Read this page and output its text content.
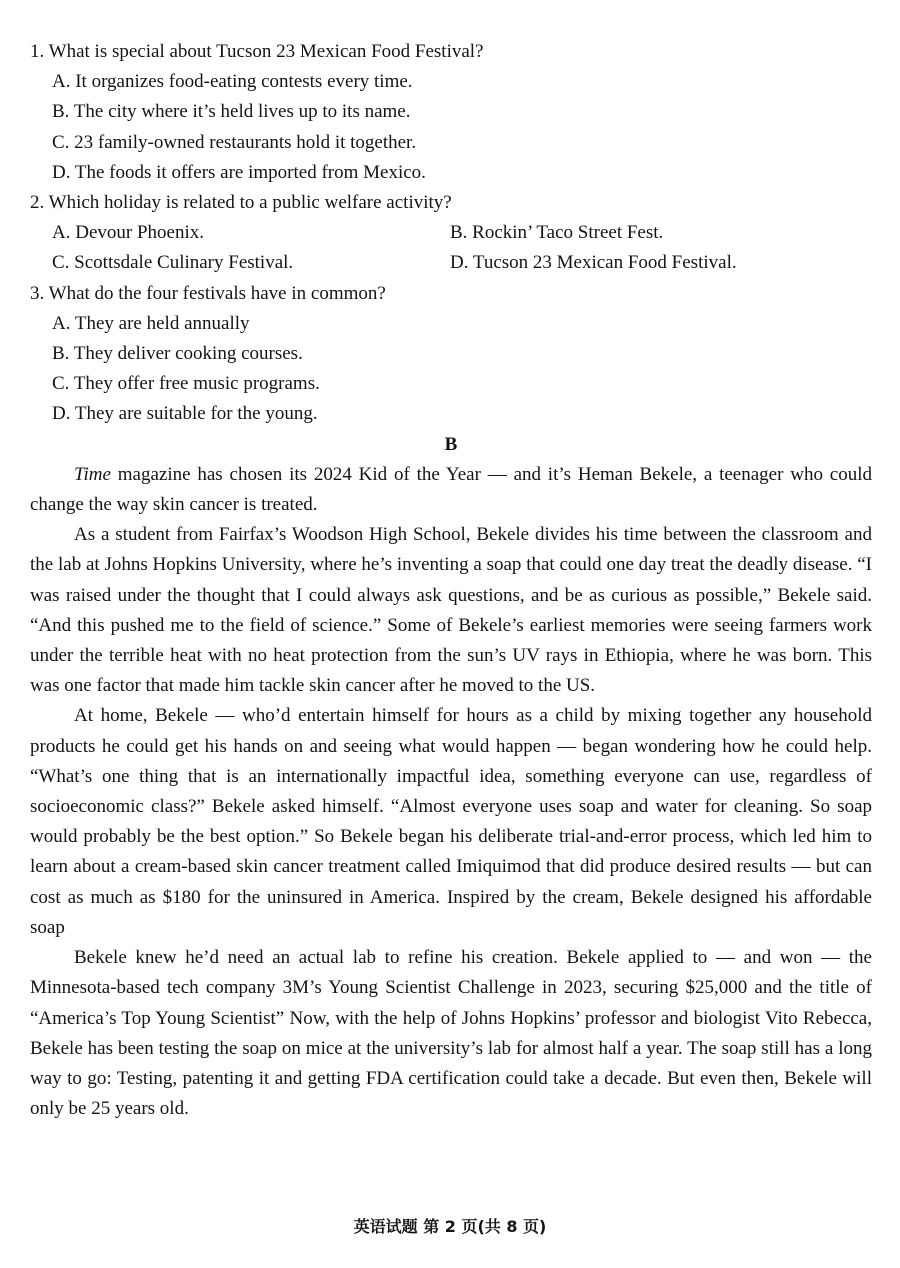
1. What is special about Tucson 23 Mexican Food Festival?
A. It organizes food-eating contests every time.
B. The city where it’s held lives up to its name.
C. 23 family-owned restaurants hold it together.
D. The foods it offers are imported from Mexico.
2. Which holiday is related to a public welfare activity?
A. Devour Phoenix.	B. Rockin’ Taco Street Fest.
C. Scottsdale Culinary Festival.	D. Tucson 23 Mexican Food Festival.
3. What do the four festivals have in common?
A. They are held annually
B. They deliver cooking courses.
C. They offer free music programs.
D. They are suitable for the young.
B

Time magazine has chosen its 2024 Kid of the Year — and it’s Heman Bekele, a teenager who could change the way skin cancer is treated.

As a student from Fairfax’s Woodson High School, Bekele divides his time between the classroom and the lab at Johns Hopkins University, where he’s inventing a soap that could one day treat the deadly disease. “I was raised under the thought that I could always ask questions, and be as curious as possible,” Bekele said. “And this pushed me to the field of science.” Some of Bekele’s earliest memories were seeing farmers work under the terrible heat with no heat protection from the sun’s UV rays in Ethiopia, where he was born. This was one factor that made him tackle skin cancer after he moved to the US.

At home, Bekele — who’d entertain himself for hours as a child by mixing together any household products he could get his hands on and seeing what would happen — began wondering how he could help. “What’s one thing that is an internationally impactful idea, something everyone can use, regardless of socioeconomic class?” Bekele asked himself. “Almost everyone uses soap and water for cleaning. So soap would probably be the best option.” So Bekele began his deliberate trial-and-error process, which led him to learn about a cream-based skin cancer treatment called Imiquimod that did produce desired results — but can cost as much as $180 for the uninsured in America. Inspired by the cream, Bekele designed his affordable soap

Bekele knew he’d need an actual lab to refine his creation. Bekele applied to — and won — the Minnesota-based tech company 3M’s Young Scientist Challenge in 2023, securing $25,000 and the title of “America’s Top Young Scientist” Now, with the help of Johns Hopkins’ professor and biologist Vito Rebecca, Bekele has been testing the soap on mice at the university’s lab for almost half a year. The soap still has a long way to go: Testing, patenting it and getting FDA certification could take a decade. But even then, Bekele will only be 25 years old.

英语试题 第 2 页(共 8 页)
